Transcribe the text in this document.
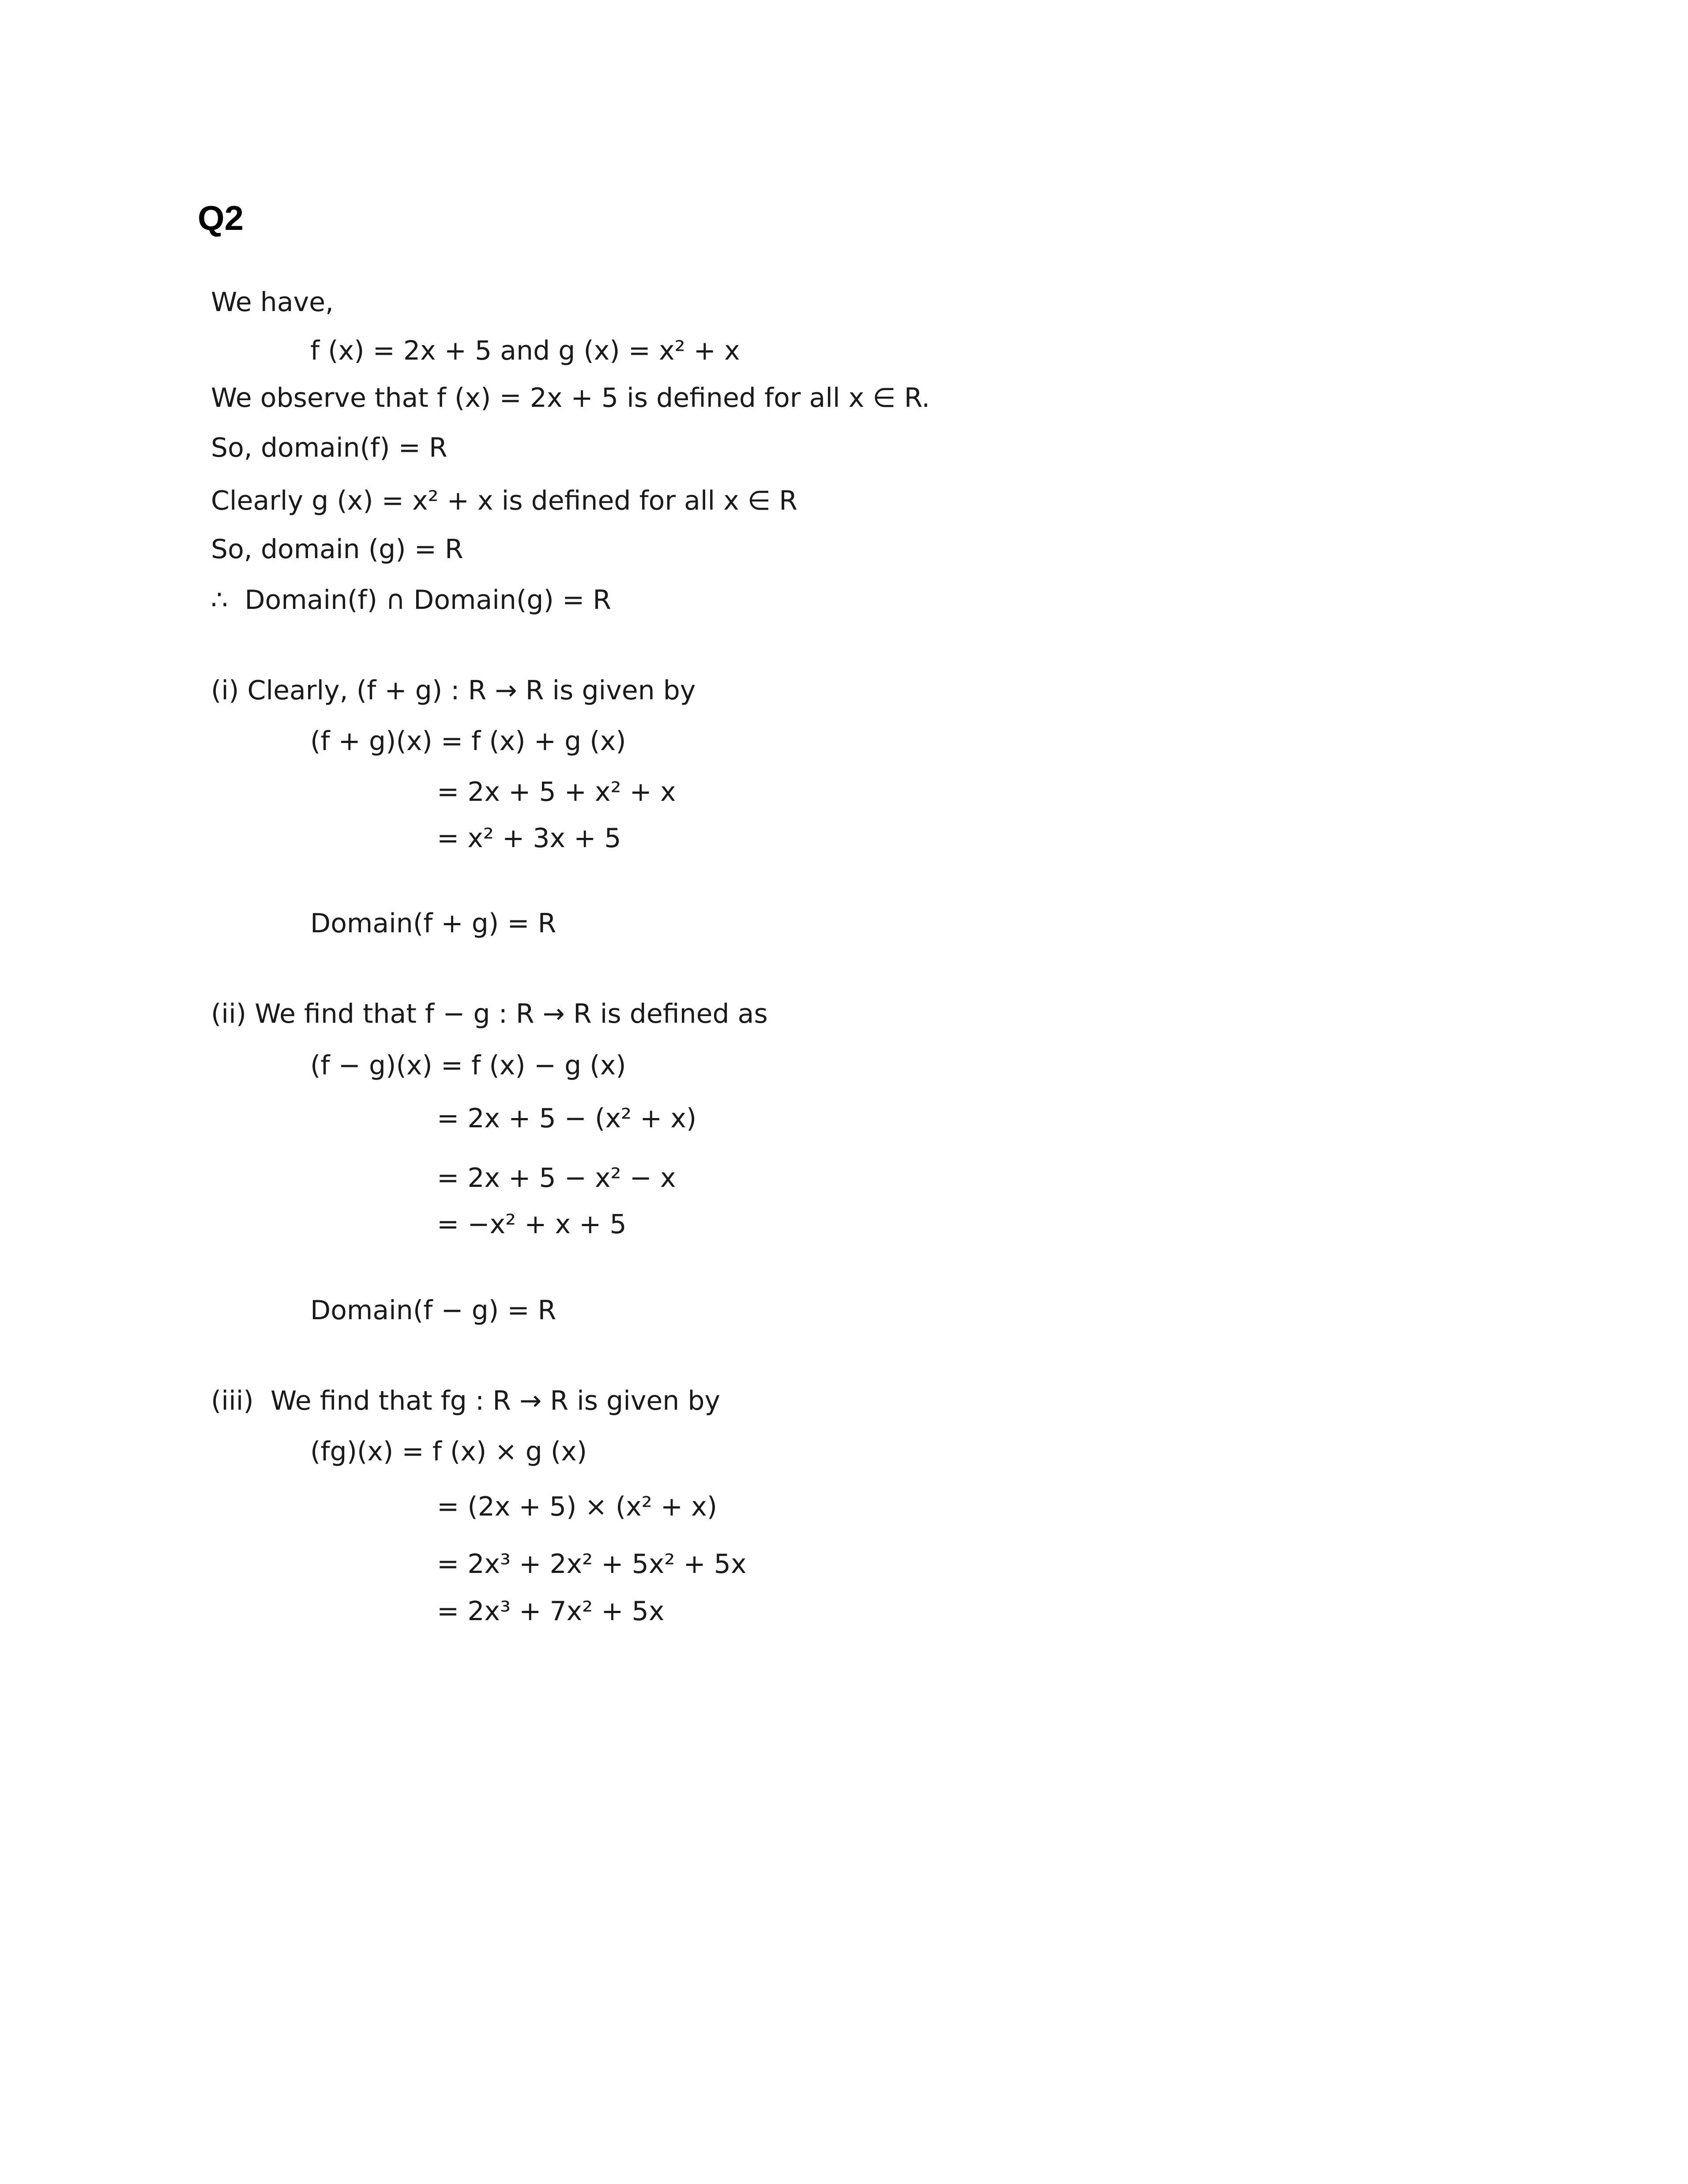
Q2
We have,
f (x) = 2x + 5 and g (x) = x² + x
We observe that f (x) = 2x + 5 is defined for all x ∈ R.
So, domain(f) = R
Clearly g (x) = x² + x is defined for all x ∈ R
So, domain (g) = R
∴  Domain(f) ∩ Domain(g) = R
(i) Clearly, (f + g) : R → R is given by
(f + g)(x) = f (x) + g (x)
= 2x + 5 + x² + x
= x² + 3x + 5
Domain(f + g) = R
(ii) We find that f − g : R → R is defined as
(f − g)(x) = f (x) − g (x)
= 2x + 5 − (x² + x)
= 2x + 5 − x² − x
= −x² + x + 5
Domain(f − g) = R
(iii)  We find that fg : R → R is given by
(fg)(x) = f (x) × g (x)
= (2x + 5) × (x² + x)
= 2x³ + 2x² + 5x² + 5x
= 2x³ + 7x² + 5x
